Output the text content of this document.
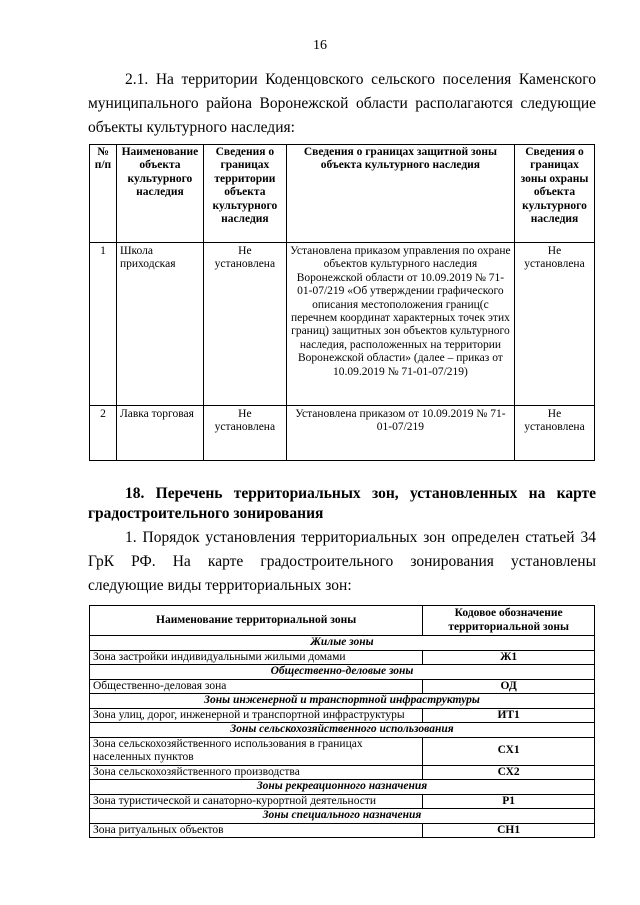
16

2.1. На территории Коденцовского сельского поселения Каменского муниципального района Воронежской области располагаются следующие объекты культурного наследия:

№ п/п	Наименование объекта культурного наследия	Сведения о границах территории объекта культурного наследия	Сведения о границах защитной зоны объекта культурного наследия	Сведения о границах зоны охраны объекта культурного наследия
1	Школа приходская	Не установлена	Установлена приказом управления по охране объектов культурного наследия Воронежской области от 10.09.2019 № 71-01-07/219 «Об утверждении графического описания местоположения границ(с перечнем координат характерных точек этих границ) защитных зон объектов культурного наследия, расположенных на территории Воронежской области» (далее – приказ от 10.09.2019 № 71-01-07/219)	Не установлена
2	Лавка торговая	Не установлена	Установлена приказом от 10.09.2019 № 71-01-07/219	Не установлена

18. Перечень территориальных зон, установленных на карте градостроительного зонирования

1. Порядок установления территориальных зон определен статьей 34 ГрК РФ. На карте градостроительного зонирования установлены следующие виды территориальных зон:

Наименование территориальной зоны	Кодовое обозначение территориальной зоны
Жилые зоны	
Зона застройки индивидуальными жилыми домами	Ж1
Общественно-деловые зоны	
Общественно-деловая зона	ОД
Зоны инженерной и транспортной инфраструктуры	
Зона улиц, дорог, инженерной и транспортной инфраструктуры	ИТ1
Зоны сельскохозяйственного использования	
Зона сельскохозяйственного использования в границах населенных пунктов	СХ1
Зона сельскохозяйственного производства	СХ2
Зоны рекреационного назначения	
Зона туристической и санаторно-курортной деятельности	Р1
Зоны специального назначения	
Зона ритуальных объектов	СН1
